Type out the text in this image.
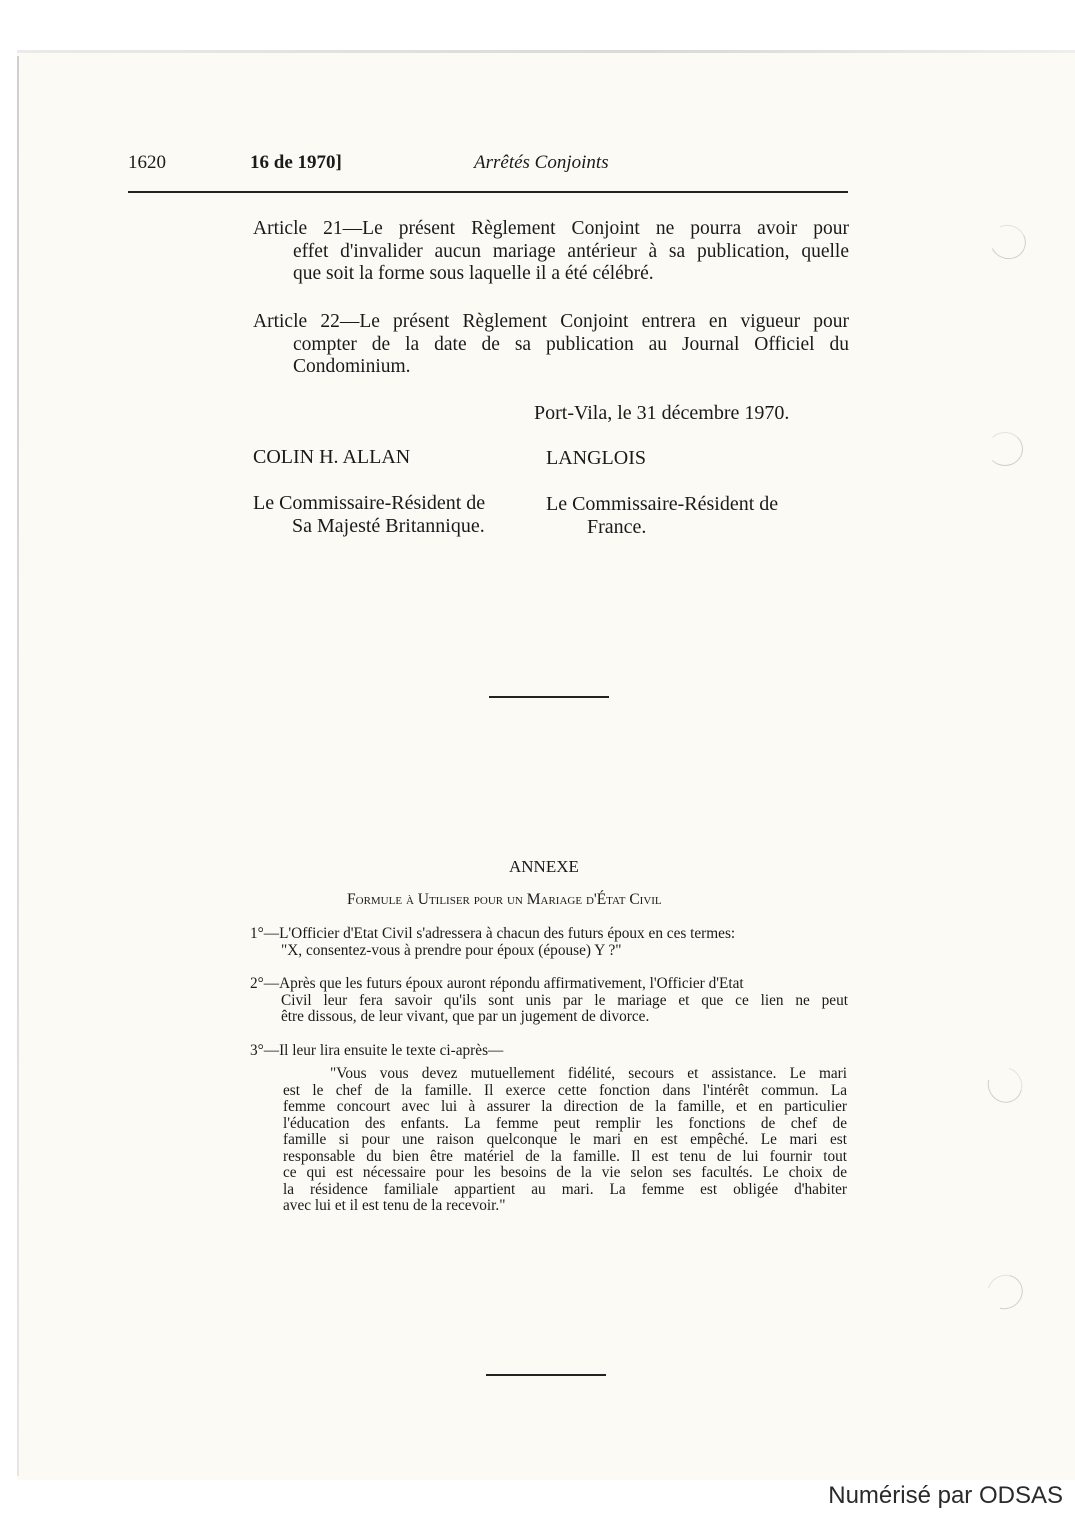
1620	16 de 1970]	Arrêtés Conjoints
Article 21—Le présent Règlement Conjoint ne pourra avoir pour
effet d'invalider aucun mariage antérieur à sa publication, quelle
que soit la forme sous laquelle il a été célébré.
Article 22—Le présent Règlement Conjoint entrera en vigueur pour
compter de la date de sa publication au Journal Officiel du
Condominium.
Port-Vila, le 31 décembre 1970.
COLIN H. ALLAN	LANGLOIS
Le Commissaire-Résident de
Sa Majesté Britannique.
Le Commissaire-Résident de
France.
ANNEXE
Formule à Utiliser pour un Mariage d'État Civil
1°—L'Officier d'Etat Civil s'adressera à chacun des futurs époux en ces termes:
"X, consentez-vous à prendre pour époux (épouse) Y ?"
2°—Après que les futurs époux auront répondu affirmativement, l'Officier d'Etat
Civil leur fera savoir qu'ils sont unis par le mariage et que ce lien ne peut
être dissous, de leur vivant, que par un jugement de divorce.
3°—Il leur lira ensuite le texte ci-après—
"Vous vous devez mutuellement fidélité, secours et assistance. Le mari
est le chef de la famille. Il exerce cette fonction dans l'intérêt commun. La
femme concourt avec lui à assurer la direction de la famille, et en particulier
l'éducation des enfants. La femme peut remplir les fonctions de chef de
famille si pour une raison quelconque le mari en est empêché. Le mari est
responsable du bien être matériel de la famille. Il est tenu de lui fournir tout
ce qui est nécessaire pour les besoins de la vie selon ses facultés. Le choix de
la résidence familiale appartient au mari. La femme est obligée d'habiter
avec lui et il est tenu de la recevoir."
Numérisé par ODSAS
